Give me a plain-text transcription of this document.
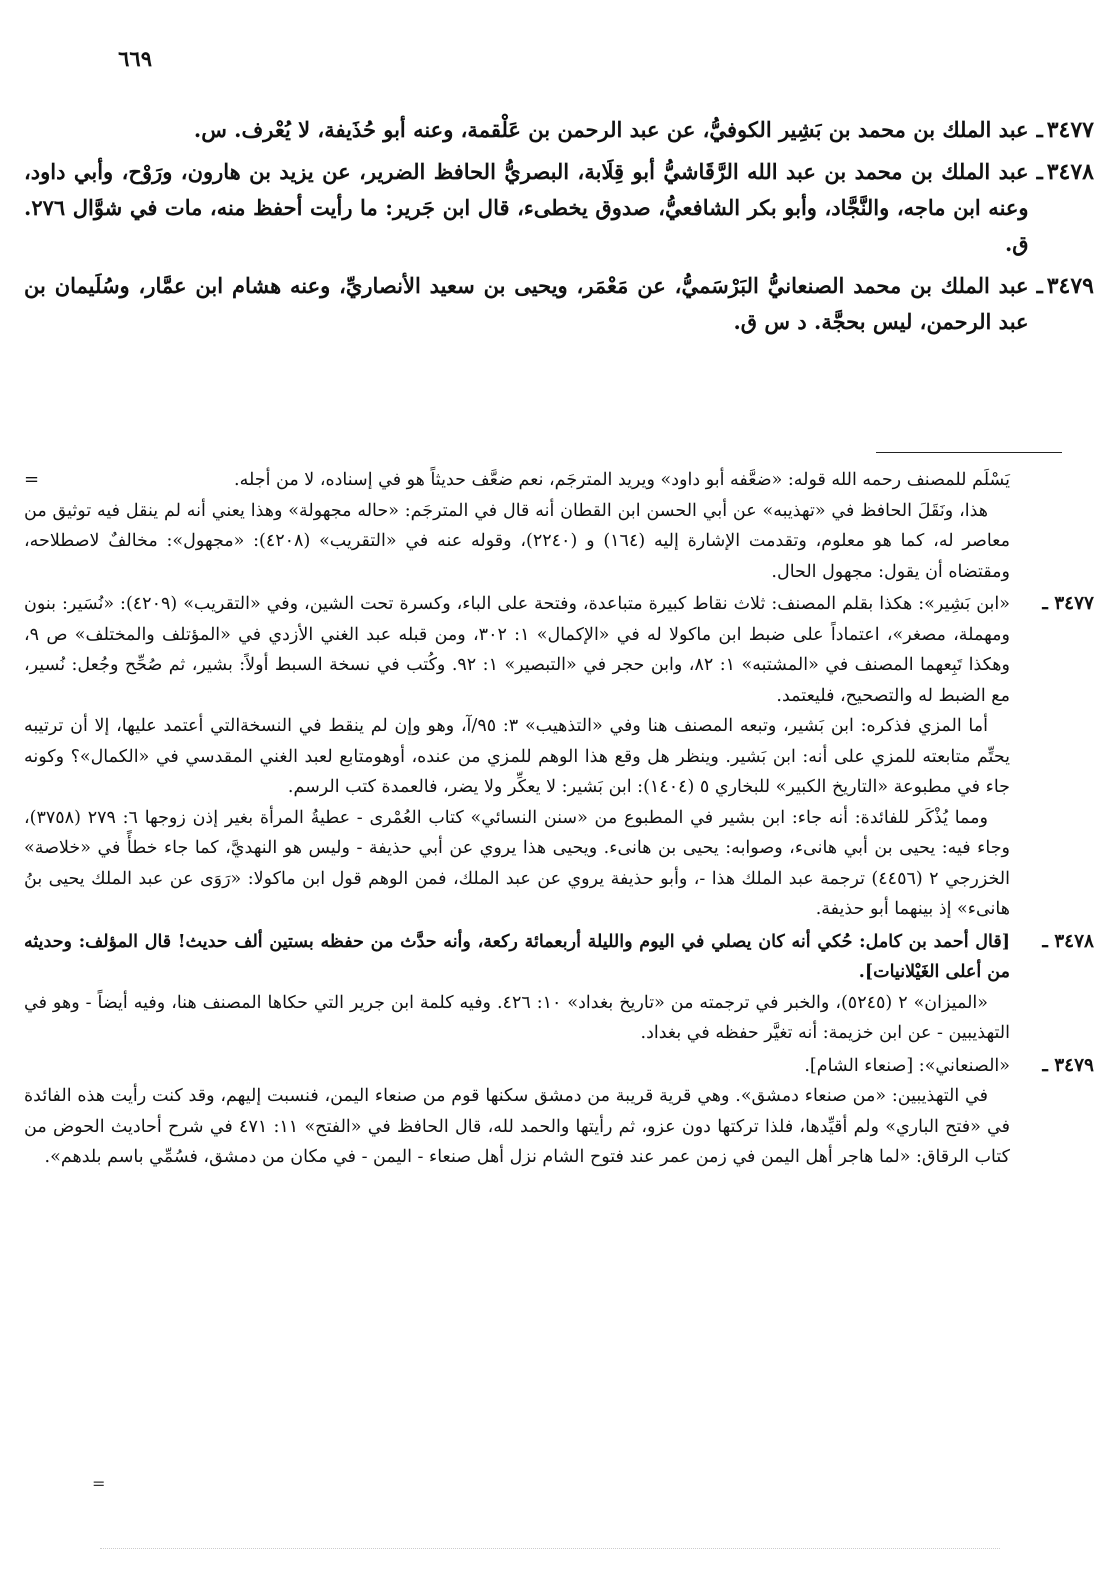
٦٦٩
٣٤٧٧
ـ
عبد الملك بن محمد بن بَشِير الكوفيُّ، عن عبد الرحمن بن عَلْقمة، وعنه أبو حُذَيفة، لا يُعْرف. س.
٣٤٧٨
ـ
عبد الملك بن محمد بن عبد الله الرَّقَاشيُّ أبو قِلَابة، البصريُّ الحافظ الضرير، عن يزيد بن هارون، ورَوْح، وأبي داود، وعنه ابن ماجه، والنَّجَّاد، وأبو بكر الشافعيُّ، صدوق يخطىء، قال ابن جَرير: ما رأيت أحفظ منه، مات في شوَّال ٢٧٦. ق.
٣٤٧٩
ـ
عبد الملك بن محمد الصنعانيُّ البَرْسَميُّ، عن مَعْمَر، ويحيى بن سعيد الأنصاريِّ، وعنه هشام ابن عمَّار، وسُلَيمان بن عبد الرحمن، ليس بحجَّة. د س ق.
يَسْلَم للمصنف رحمه الله قوله: «ضعَّفه أبو داود» ويريد المترجَم، نعم ضعَّف حديثاً هو في إسناده، لا من أجله.
=

هذا، ونَقَلَ الحافظ في «تهذيبه» عن أبي الحسن ابن القطان أنه قال في المترجَم: «حاله مجهولة» وهذا يعني أنه لم ينقل فيه توثيق من معاصر له، كما هو معلوم، وتقدمت الإشارة إليه (١٦٤) و (٢٢٤٠)، وقوله عنه في «التقريب» (٤٢٠٨): «مجهول»: مخالفٌ لاصطلاحه، ومقتضاه أن يقول: مجهول الحال.

٣٤٧٧ ـ
«ابن بَشِير»: هكذا بقلم المصنف: ثلاث نقاط كبيرة متباعدة، وفتحة على الباء، وكسرة تحت الشين، وفي «التقريب» (٤٢٠٩): «نُسَير: بنون ومهملة، مصغر»، اعتماداً على ضبط ابن ماكولا له في «الإكمال» ١: ٣٠٢، ومن قبله عبد الغني الأزدي في «المؤتلف والمختلف» ص ٩، وهكذا تَبِعهما المصنف في «المشتبه» ١: ٨٢، وابن حجر في «التبصير» ١: ٩٢. وكُتب في نسخة السبط أولاً: بشير، ثم صُحِّح وجُعل: نُسير، مع الضبط له والتصحيح، فليعتمد.

أما المزي فذكره: ابن بَشير، وتبعه المصنف هنا وفي «التذهيب» ٣: ٩٥/آ، وهو وإن لم ينقط في النسخةالتي أعتمد عليها، إلا أن ترتيبه يحتِّم متابعته للمزي على أنه: ابن بَشير. وينظر هل وقع هذا الوهم للمزي من عنده، أوهومتابع لعبد الغني المقدسي في «الكمال»؟ وكونه جاء في مطبوعة «التاريخ الكبير» للبخاري ٥ (١٤٠٤): ابن بَشير: لا يعكِّر ولا يضر، فالعمدة كتب الرسم.

ومما يُذْكَر للفائدة: أنه جاء: ابن بشير في المطبوع من «سنن النسائي» كتاب العُمْرى - عطيةُ المرأة بغير إذن زوجها ٦: ٢٧٩ (٣٧٥٨)، وجاء فيه: يحيى بن أبي هانىء، وصوابه: يحيى بن هانىء. ويحيى هذا يروي عن أبي حذيفة - وليس هو النهديَّ، كما جاء خطأً في «خلاصة» الخزرجي ٢ (٤٤٥٦) ترجمة عبد الملك هذا -، وأبو حذيفة يروي عن عبد الملك، فمن الوهم قول ابن ماكولا: «رَوَى عن عبد الملك يحيى بنُ هانىء» إذ بينهما أبو حذيفة.

٣٤٧٨ ـ
[قال أحمد بن كامل: حُكي أنه كان يصلي في اليوم والليلة أربعمائة ركعة، وأنه حدَّث من حفظه بستين ألف حديث! قال المؤلف: وحديثه من أعلى الغَيْلانيات].

«الميزان» ٢ (٥٢٤٥)، والخبر في ترجمته من «تاريخ بغداد» ١٠: ٤٢٦. وفيه كلمة ابن جرير التي حكاها المصنف هنا، وفيه أيضاً - وهو في التهذيبين - عن ابن خزيمة: أنه تغيَّر حفظه في بغداد.

٣٤٧٩ ـ
«الصنعاني»: [صنعاء الشام].

في التهذيبين: «من صنعاء دمشق». وهي قرية قريبة من دمشق سكنها قوم من صنعاء اليمن، فنسبت إليهم، وقد كنت رأيت هذه الفائدة في «فتح الباري» ولم أقيِّدها، فلذا تركتها دون عزو، ثم رأيتها والحمد لله، قال الحافظ في «الفتح» ١١: ٤٧١ في شرح أحاديث الحوض من كتاب الرقاق: «لما هاجر أهل اليمن في زمن عمر عند فتوح الشام نزل أهل صنعاء - اليمن - في مكان من دمشق، فسُمِّي باسم بلدهم».

=
